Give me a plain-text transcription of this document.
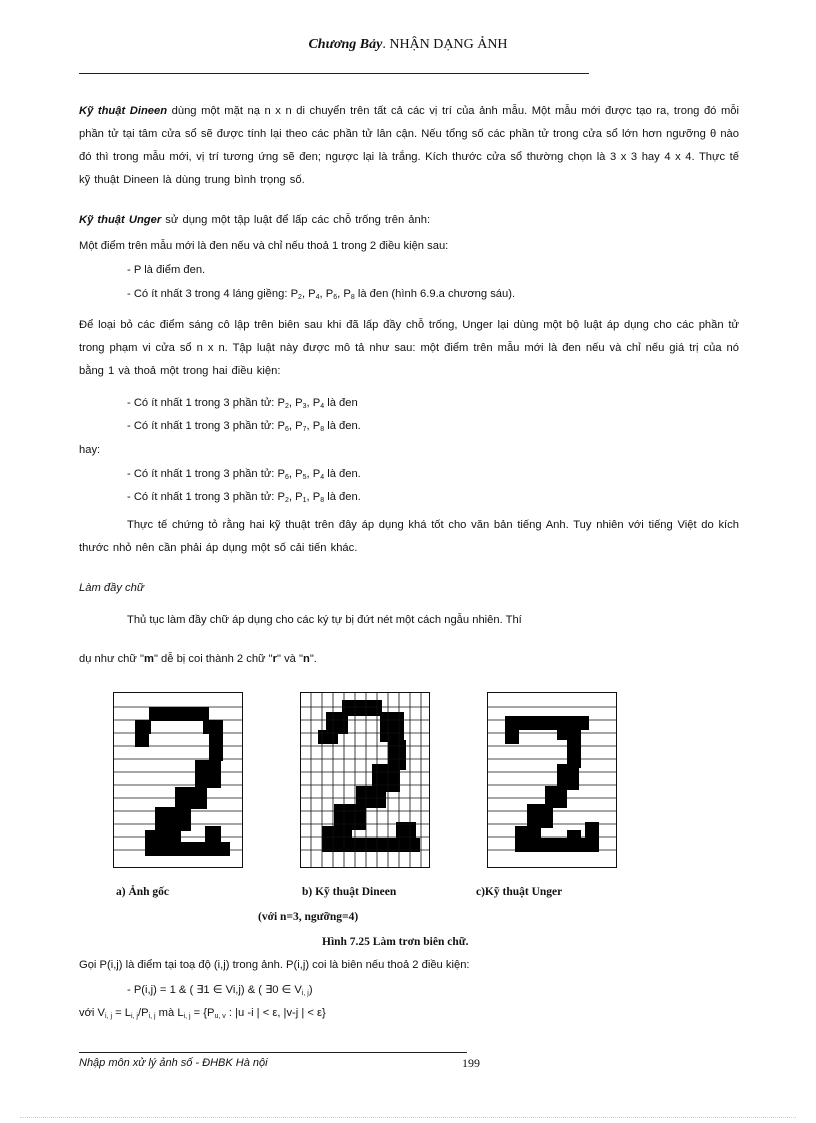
Chương Bảy. NHẬN DẠNG ẢNH
Kỹ thuật Dineen dùng một mặt nạ n x n di chuyển trên tất cả các vị trí của ảnh mẫu. Một mẫu mới được tạo ra, trong đó mỗi phần tử tại tâm cửa sổ sẽ được tính lại theo các phần tử lân cận. Nếu tổng số các phần tử trong cửa sổ lớn hơn ngưỡng θ nào đó thì trong mẫu mới, vị trí tương ứng sẽ đen; ngược lại là trắng. Kích thước cửa sổ thường chọn là 3 x 3 hay 4 x 4. Thực tế kỹ thuật Dineen là dùng trung bình trọng số.
Kỹ thuật Unger sử dụng một tập luật để lấp các chỗ trống trên ảnh:
Một điểm trên mẫu mới là đen nếu và chỉ nếu thoả 1 trong 2 điều kiện sau:
- P là điểm đen.
- Có ít nhất 3 trong 4 láng giềng: $P_2$, $P_4$, $P_6$, $P_8$ là đen (hình 6.9.a chương sáu).
Để loại bỏ các điểm sáng cô lập trên biên sau khi đã lấp đầy chỗ trống, Unger lại dùng một bộ luật áp dụng cho các phần tử trong phạm vi cửa sổ n x n. Tập luật này được mô tả như sau: một điểm trên mẫu mới là đen nếu và chỉ nếu giá trị của nó bằng 1 và thoả một trong hai điều kiện:
- Có ít nhất 1 trong 3 phần tử: $P_2$, $P_3$, $P_4$ là đen
- Có ít nhất 1 trong 3 phần tử: $P_6$, $P_7$, $P_8$ là đen.
hay:
- Có ít nhất 1 trong 3 phần tử: $P_6$, $P_5$, $P_4$ là đen.
- Có ít nhất 1 trong 3 phần tử: $P_2$, $P_1$, $P_8$ là đen.
Thực tế chứng tỏ rằng hai kỹ thuật trên đây áp dụng khá tốt cho văn bản tiếng Anh. Tuy nhiên với tiếng Việt do kích thước nhỏ nên cần phải áp dụng một số cải tiến khác.
Làm đầy chữ
Thủ tục làm đầy chữ áp dụng cho các ký tự bị đứt nét một cách ngẫu nhiên. Thí
dụ như chữ "m" dễ bị coi thành 2 chữ "r" và "n".
a) Ảnh gốc	b) Kỹ thuật Dineen	c)Kỹ thuật Unger
(với n=3, ngưỡng=4)
Hình 7.25 Làm trơn biên chữ.
Gọi P(i,j) là điểm tại toạ độ (i,j) trong ảnh. P(i,j) coi là biên nếu thoả 2 điều kiện:
- P(i,j) = 1 & ( ∃1 ∈ Vi,j) & ( ∃0 ∈ $V_{i, j}$)
với $V_{i, j} = L_{i, j}/P_{i, j}$ mà $L_{i, j} = \{P_{u, v}$ : |u -i | < ε, |v-j | < ε}
Nhập môn xử lý ảnh số - ĐHBK Hà nội	199
